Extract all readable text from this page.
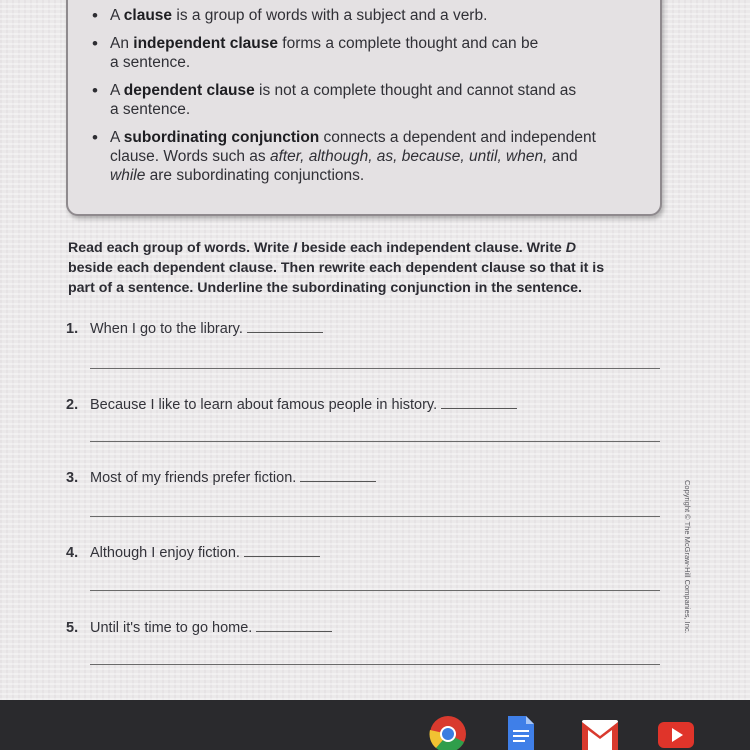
• A clause is a group of words with a subject and a verb.
• An independent clause forms a complete thought and can be
a sentence.
• A dependent clause is not a complete thought and cannot stand as
a sentence.
• A subordinating conjunction connects a dependent and independent
clause. Words such as after, although, as, because, until, when, and
while are subordinating conjunctions.
Read each group of words. Write I beside each independent clause. Write D
beside each dependent clause. Then rewrite each dependent clause so that it is
part of a sentence. Underline the subordinating conjunction in the sentence.
1. When I go to the library.
2. Because I like to learn about famous people in history.
3. Most of my friends prefer fiction.
4. Although I enjoy fiction.
5. Until it's time to go home.	Copyright © The McGraw-Hill Companies, Inc.
